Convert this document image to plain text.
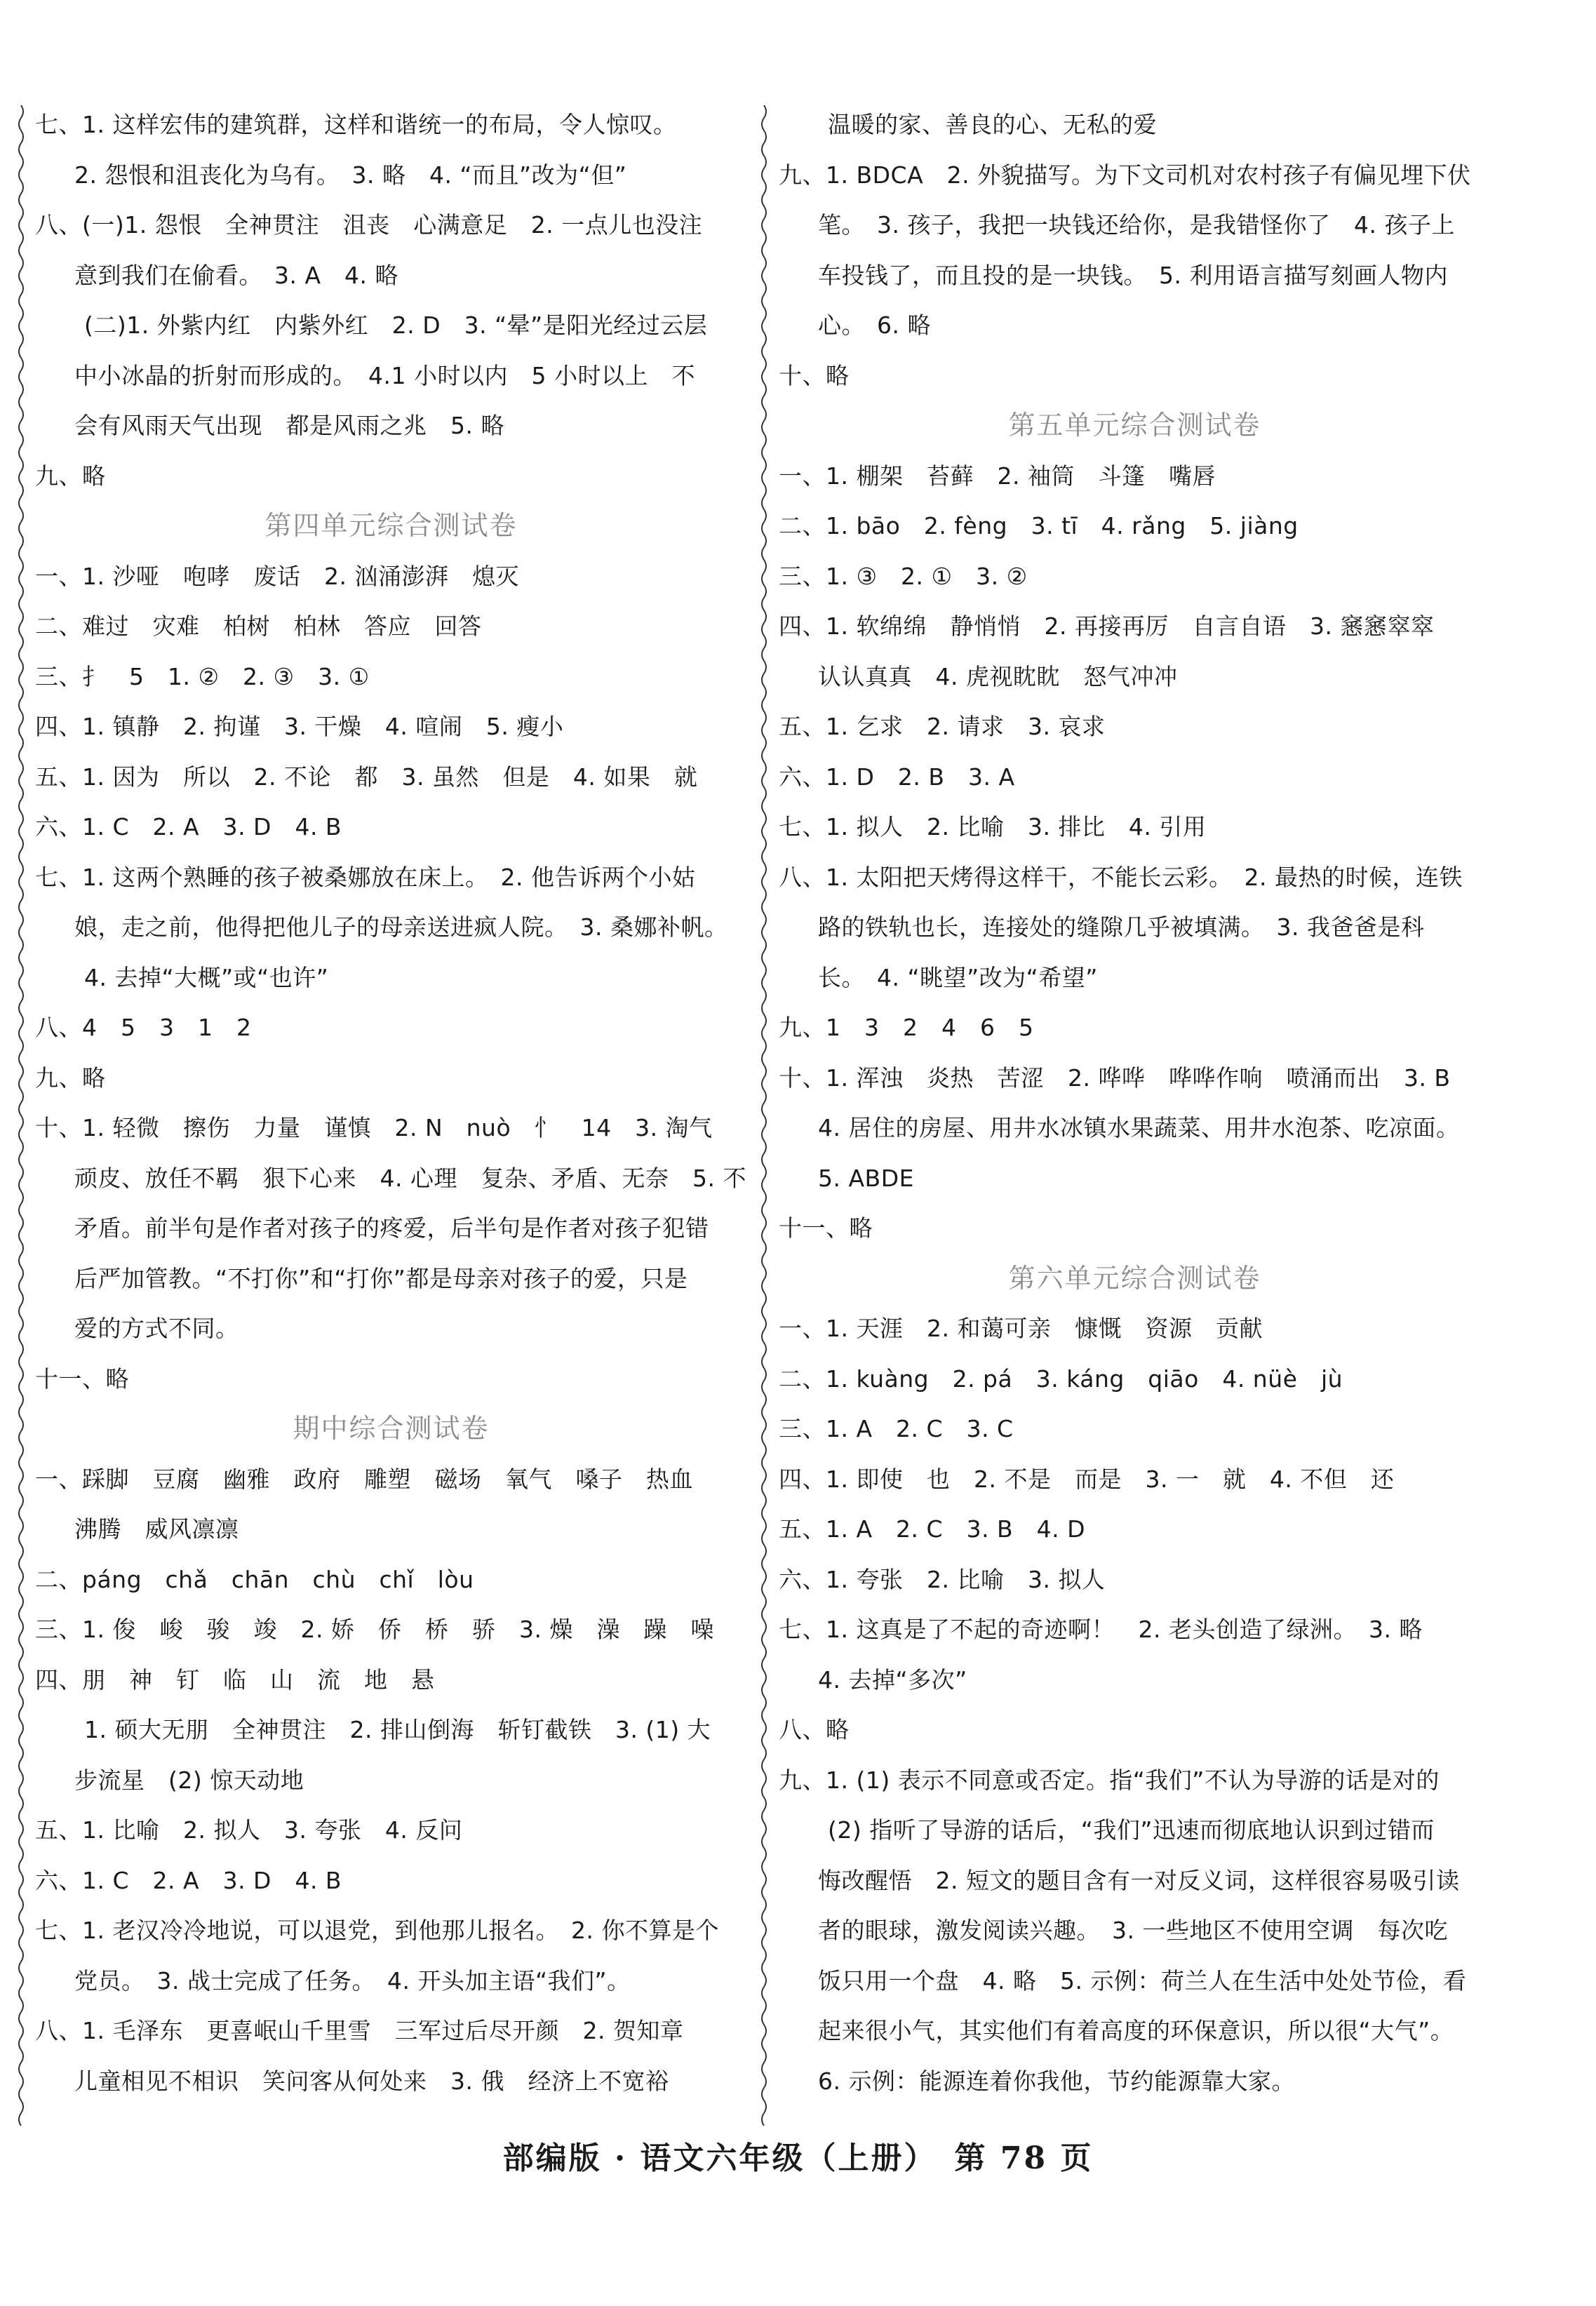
七、1. 这样宏伟的建筑群，这样和谐统一的布局，令人惊叹。
2. 怨恨和沮丧化为乌有。　3. 略　4. “而且”改为“但”
八、(一)1. 怨恨　全神贯注　沮丧　心满意足　2. 一点儿也没注
意到我们在偷看。　3. A　4. 略
(二)1. 外紫内红　内紫外红　2. D　3. “晕”是阳光经过云层
中小冰晶的折射而形成的。　4.1 小时以内　5 小时以上　不
会有风雨天气出现　都是风雨之兆　5. 略
九、略
第四单元综合测试卷
一、1. 沙哑　咆哮　废话　2. 汹涌澎湃　熄灭
二、难过　灾难　柏树　柏林　答应　回答
三、扌　5　1. ②　2. ③　3. ①
四、1. 镇静　2. 拘谨　3. 干燥　4. 喧闹　5. 瘦小
五、1. 因为　所以　2. 不论　都　3. 虽然　但是　4. 如果　就
六、1. C　2. A　3. D　4. B
七、1. 这两个熟睡的孩子被桑娜放在床上。　2. 他告诉两个小姑
娘，走之前，他得把他儿子的母亲送进疯人院。　3. 桑娜补帆。
4. 去掉“大概”或“也许”
八、4　5　3　1　2
九、略
十、1. 轻微　擦伤　力量　谨慎　2. N　nuò　忄　14　3. 淘气
顽皮、放任不羁　狠下心来　4. 心理　复杂、矛盾、无奈　5. 不
矛盾。前半句是作者对孩子的疼爱，后半句是作者对孩子犯错
后严加管教。“不打你”和“打你”都是母亲对孩子的爱，只是
爱的方式不同。
十一、略
期中综合测试卷
一、踩脚　豆腐　幽雅　政府　雕塑　磁场　氧气　嗓子　热血
沸腾　威风凛凛
二、páng　chǎ　chān　chù　chǐ　lòu
三、1. 俊　峻　骏　竣　2. 娇　侨　桥　骄　3. 燥　澡　躁　噪
四、朋　神　钉　临　山　流　地　悬
1. 硕大无朋　全神贯注　2. 排山倒海　斩钉截铁　3. (1) 大
步流星　(2) 惊天动地
五、1. 比喻　2. 拟人　3. 夸张　4. 反问
六、1. C　2. A　3. D　4. B
七、1. 老汉冷冷地说，可以退党，到他那儿报名。　2. 你不算是个
党员。　3. 战士完成了任务。　4. 开头加主语“我们”。
八、1. 毛泽东　更喜岷山千里雪　三军过后尽开颜　2. 贺知章
儿童相见不相识　笑问客从何处来　3. 俄　经济上不宽裕
温暖的家、善良的心、无私的爱
九、1. BDCA　2. 外貌描写。为下文司机对农村孩子有偏见埋下伏
笔。　3. 孩子，我把一块钱还给你，是我错怪你了　4. 孩子上
车投钱了，而且投的是一块钱。　5. 利用语言描写刻画人物内
心。　6. 略
十、略
第五单元综合测试卷
一、1. 棚架　苔藓　2. 袖筒　斗篷　嘴唇
二、1. bāo　2. fèng　3. tī　4. rǎng　5. jiàng
三、1. ③　2. ①　3. ②
四、1. 软绵绵　静悄悄　2. 再接再厉　自言自语　3. 窸窸窣窣
认认真真　4. 虎视眈眈　怒气冲冲
五、1. 乞求　2. 请求　3. 哀求
六、1. D　2. B　3. A
七、1. 拟人　2. 比喻　3. 排比　4. 引用
八、1. 太阳把天烤得这样干，不能长云彩。　2. 最热的时候，连铁
路的铁轨也长，连接处的缝隙几乎被填满。　3. 我爸爸是科
长。　4. “眺望”改为“希望”
九、1　3　2　4　6　5
十、1. 浑浊　炎热　苦涩　2. 哗哗　哗哗作响　喷涌而出　3. B
4. 居住的房屋、用井水冰镇水果蔬菜、用井水泡茶、吃凉面。
5. ABDE
十一、略
第六单元综合测试卷
一、1. 天涯　2. 和蔼可亲　慷慨　资源　贡献
二、1. kuàng　2. pá　3. káng　qiāo　4. nüè　jù
三、1. A　2. C　3. C
四、1. 即使　也　2. 不是　而是　3. 一　就　4. 不但　还
五、1. A　2. C　3. B　4. D
六、1. 夸张　2. 比喻　3. 拟人
七、1. 这真是了不起的奇迹啊！　2. 老头创造了绿洲。　3. 略
4. 去掉“多次”
八、略
九、1. (1) 表示不同意或否定。指“我们”不认为导游的话是对的
(2) 指听了导游的话后，“我们”迅速而彻底地认识到过错而
悔改醒悟　2. 短文的题目含有一对反义词，这样很容易吸引读
者的眼球，激发阅读兴趣。　3. 一些地区不使用空调　每次吃
饭只用一个盘　4. 略　5. 示例：荷兰人在生活中处处节俭，看
起来很小气，其实他们有着高度的环保意识，所以很“大气”。
6. 示例：能源连着你我他，节约能源靠大家。
部编版 · 语文六年级（上册）　第 78 页
